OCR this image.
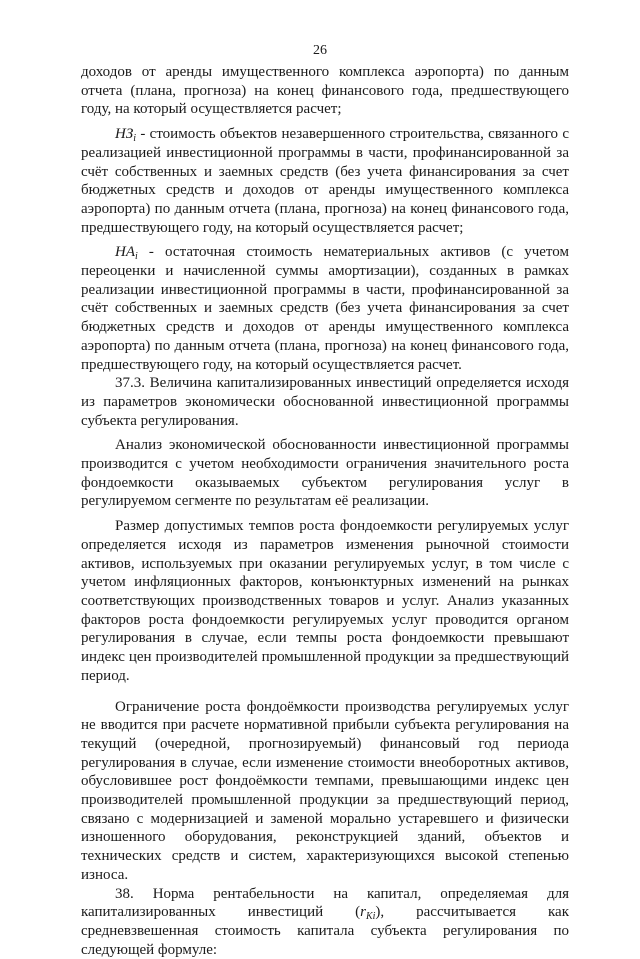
26

доходов от аренды имущественного комплекса аэропорта) по данным отчета (плана, прогноза) на конец финансового года, предшествующего году, на который осуществляется расчет;

$НЗ_i$ - стоимость объектов незавершенного строительства, связанного с реализацией инвестиционной программы в части, профинансированной за счёт собственных и заемных средств (без учета финансирования за счет бюджетных средств и доходов от аренды имущественного комплекса аэропорта) по данным отчета (плана, прогноза) на конец финансового года, предшествующего году, на который осуществляется расчет;

$НА_i$ - остаточная стоимость нематериальных активов (с учетом переоценки и начисленной суммы амортизации), созданных в рамках реализации инвестиционной программы в части, профинансированной за счёт собственных и заемных средств (без учета финансирования за счет бюджетных средств и доходов от аренды имущественного комплекса аэропорта) по данным отчета (плана, прогноза) на конец финансового года, предшествующего году, на который осуществляется расчет.

37.3. Величина капитализированных инвестиций определяется исходя из параметров экономически обоснованной инвестиционной программы субъекта регулирования.

Анализ экономической обоснованности инвестиционной программы производится с учетом необходимости ограничения значительного роста фондоемкости оказываемых субъектом регулирования услуг в регулируемом сегменте по результатам её реализации.

Размер допустимых темпов роста фондоемкости регулируемых услуг определяется исходя из параметров изменения рыночной стоимости активов, используемых при оказании регулируемых услуг, в том числе с учетом инфляционных факторов, конъюнктурных изменений на рынках соответствующих производственных товаров и услуг. Анализ указанных факторов роста фондоемкости регулируемых услуг проводится органом регулирования в случае, если темпы роста фондоемкости превышают индекс цен производителей промышленной продукции за предшествующий период.

Ограничение роста фондоёмкости производства регулируемых услуг не вводится при расчете нормативной прибыли субъекта регулирования на текущий (очередной, прогнозируемый) финансовый год периода регулирования в случае, если изменение стоимости внеоборотных активов, обусловившее рост фондоёмкости темпами, превышающими индекс цен производителей промышленной продукции за предшествующий период, связано с модернизацией и заменой морально устаревшего и физически изношенного оборудования, реконструкцией зданий, объектов и технических средств и систем, характеризующихся высокой степенью износа.

38. Норма рентабельности на капитал, определяемая для капитализированных инвестиций $(r_{Ki})$, рассчитывается как средневзвешенная стоимость капитала субъекта регулирования по следующей формуле:
